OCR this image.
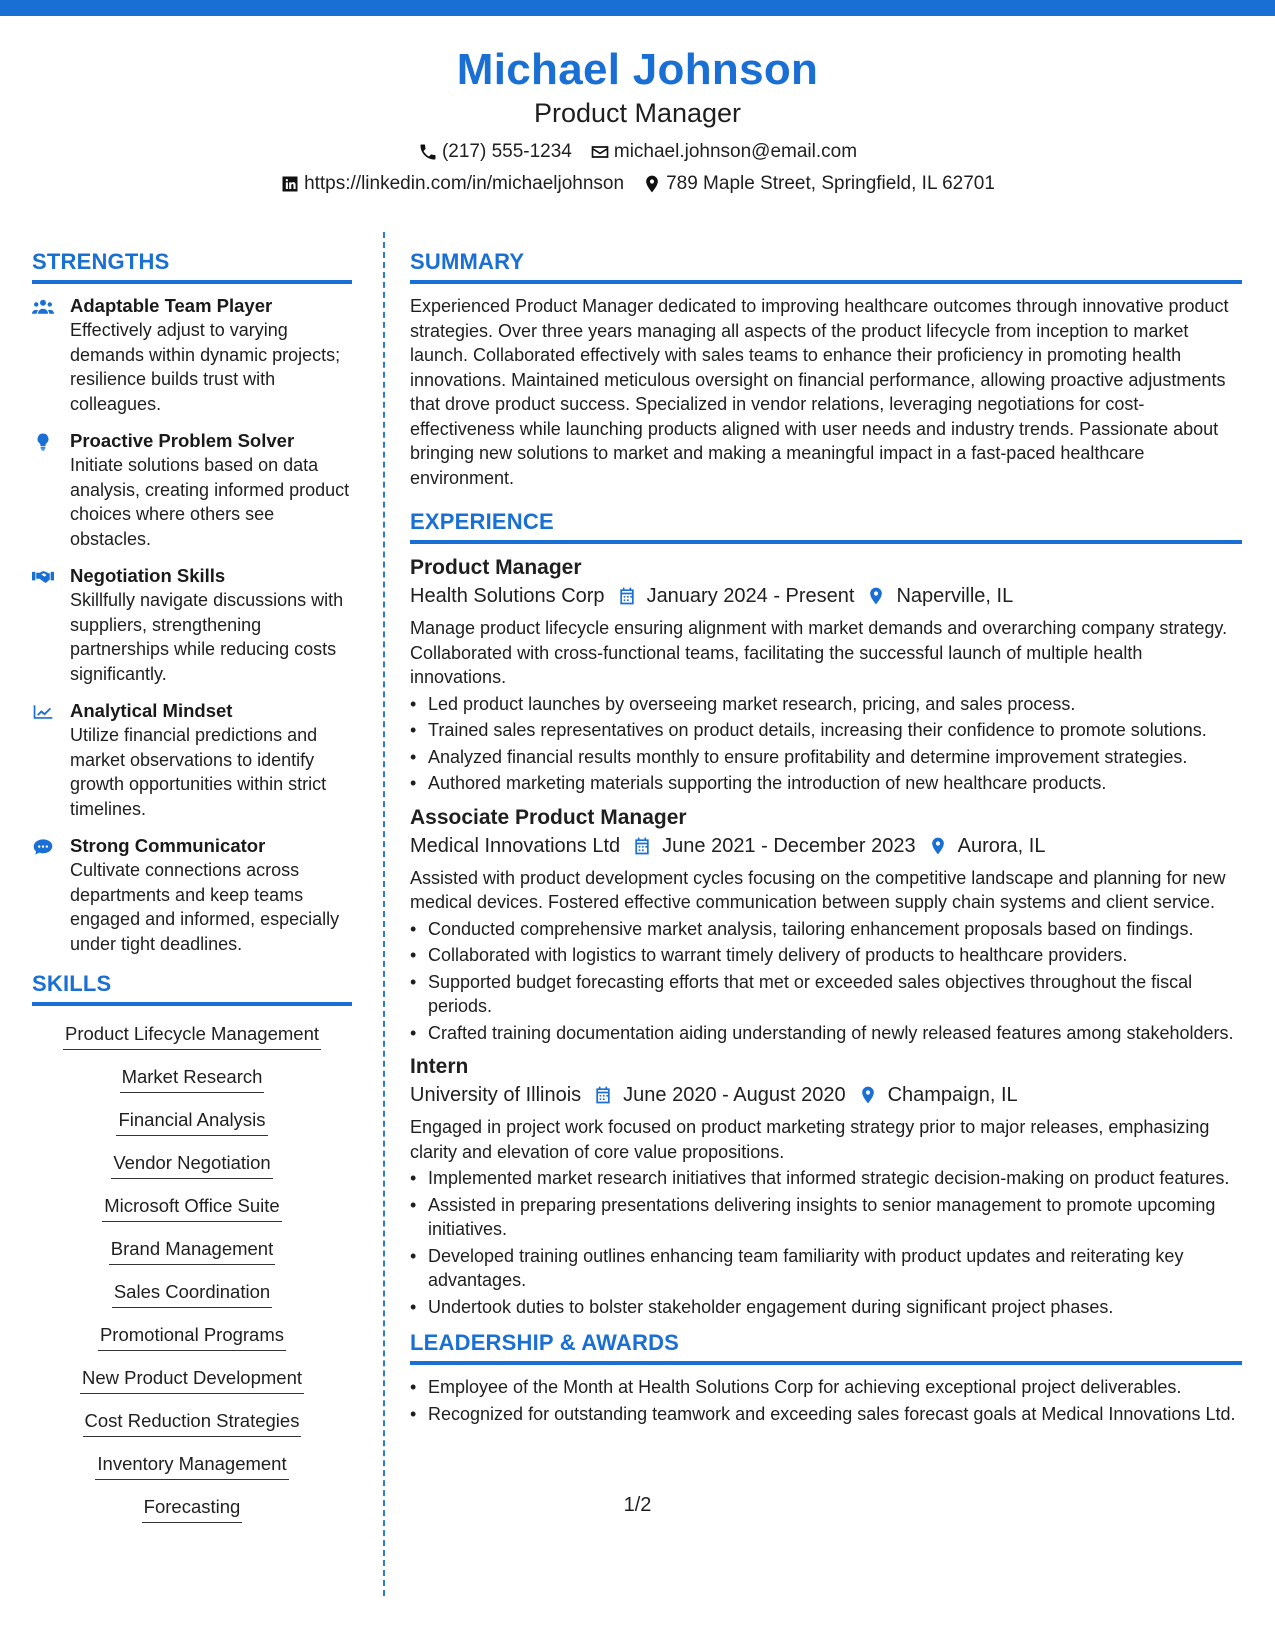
Michael Johnson
Product Manager
(217) 555-1234 michael.johnson@email.com
https://linkedin.com/in/michaeljohnson 789 Maple Street, Springfield, IL 62701
STRENGTHS
Adaptable Team Player
Effectively adjust to varying demands within dynamic projects; resilience builds trust with colleagues.
Proactive Problem Solver
Initiate solutions based on data analysis, creating informed product choices where others see obstacles.
Negotiation Skills
Skillfully navigate discussions with suppliers, strengthening partnerships while reducing costs significantly.
Analytical Mindset
Utilize financial predictions and market observations to identify growth opportunities within strict timelines.
Strong Communicator
Cultivate connections across departments and keep teams engaged and informed, especially under tight deadlines.
SKILLS
Product Lifecycle Management
Market Research
Financial Analysis
Vendor Negotiation
Microsoft Office Suite
Brand Management
Sales Coordination
Promotional Programs
New Product Development
Cost Reduction Strategies
Inventory Management
Forecasting
SUMMARY
Experienced Product Manager dedicated to improving healthcare outcomes through innovative product strategies. Over three years managing all aspects of the product lifecycle from inception to market launch. Collaborated effectively with sales teams to enhance their proficiency in promoting health innovations. Maintained meticulous oversight on financial performance, allowing proactive adjustments that drove product success. Specialized in vendor relations, leveraging negotiations for cost-effectiveness while launching products aligned with user needs and industry trends. Passionate about bringing new solutions to market and making a meaningful impact in a fast-paced healthcare environment.
EXPERIENCE
Product Manager
Health Solutions Corp January 2024 - Present Naperville, IL
Manage product lifecycle ensuring alignment with market demands and overarching company strategy. Collaborated with cross-functional teams, facilitating the successful launch of multiple health innovations.
• Led product launches by overseeing market research, pricing, and sales process.
• Trained sales representatives on product details, increasing their confidence to promote solutions.
• Analyzed financial results monthly to ensure profitability and determine improvement strategies.
• Authored marketing materials supporting the introduction of new healthcare products.
Associate Product Manager
Medical Innovations Ltd June 2021 - December 2023 Aurora, IL
Assisted with product development cycles focusing on the competitive landscape and planning for new medical devices. Fostered effective communication between supply chain systems and client service.
• Conducted comprehensive market analysis, tailoring enhancement proposals based on findings.
• Collaborated with logistics to warrant timely delivery of products to healthcare providers.
• Supported budget forecasting efforts that met or exceeded sales objectives throughout the fiscal periods.
• Crafted training documentation aiding understanding of newly released features among stakeholders.
Intern
University of Illinois June 2020 - August 2020 Champaign, IL
Engaged in project work focused on product marketing strategy prior to major releases, emphasizing clarity and elevation of core value propositions.
• Implemented market research initiatives that informed strategic decision-making on product features.
• Assisted in preparing presentations delivering insights to senior management to promote upcoming initiatives.
• Developed training outlines enhancing team familiarity with product updates and reiterating key advantages.
• Undertook duties to bolster stakeholder engagement during significant project phases.
LEADERSHIP & AWARDS
• Employee of the Month at Health Solutions Corp for achieving exceptional project deliverables.
• Recognized for outstanding teamwork and exceeding sales forecast goals at Medical Innovations Ltd.
1/2
